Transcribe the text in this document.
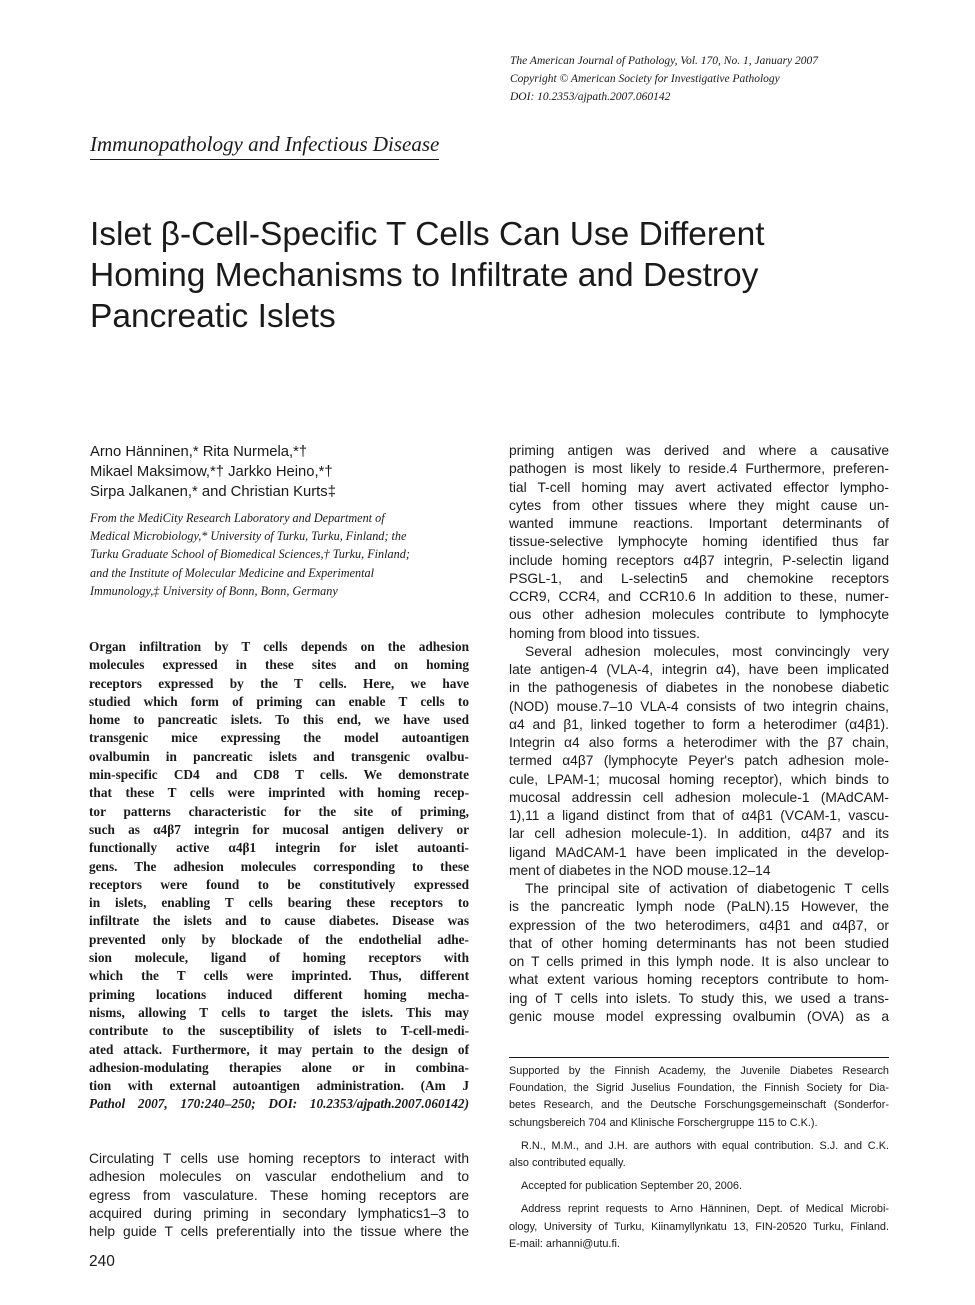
The American Journal of Pathology, Vol. 170, No. 1, January 2007
Copyright © American Society for Investigative Pathology
DOI: 10.2353/ajpath.2007.060142
Immunopathology and Infectious Disease
Islet β-Cell-Specific T Cells Can Use Different
Homing Mechanisms to Infiltrate and Destroy
Pancreatic Islets
Arno Hänninen,* Rita Nurmela,*†
Mikael Maksimow,*† Jarkko Heino,*†
Sirpa Jalkanen,* and Christian Kurts‡
From the MediCity Research Laboratory and Department of
Medical Microbiology,* University of Turku, Turku, Finland; the
Turku Graduate School of Biomedical Sciences,† Turku, Finland;
and the Institute of Molecular Medicine and Experimental
Immunology,‡ University of Bonn, Bonn, Germany
Organ infiltration by T cells depends on the adhesion
molecules expressed in these sites and on homing
receptors expressed by the T cells. Here, we have
studied which form of priming can enable T cells to
home to pancreatic islets. To this end, we have used
transgenic mice expressing the model autoantigen
ovalbumin in pancreatic islets and transgenic ovalbu-
min-specific CD4 and CD8 T cells. We demonstrate
that these T cells were imprinted with homing recep-
tor patterns characteristic for the site of priming,
such as α4β7 integrin for mucosal antigen delivery or
functionally active α4β1 integrin for islet autoanti-
gens. The adhesion molecules corresponding to these
receptors were found to be constitutively expressed
in islets, enabling T cells bearing these receptors to
infiltrate the islets and to cause diabetes. Disease was
prevented only by blockade of the endothelial adhe-
sion molecule, ligand of homing receptors with
which the T cells were imprinted. Thus, different
priming locations induced different homing mecha-
nisms, allowing T cells to target the islets. This may
contribute to the susceptibility of islets to T-cell-medi-
ated attack. Furthermore, it may pertain to the design of
adhesion-modulating therapies alone or in combina-
tion with external autoantigen administration. (Am J
Pathol 2007, 170:240–250; DOI: 10.2353/ajpath.2007.060142)
Circulating T cells use homing receptors to interact with
adhesion molecules on vascular endothelium and to
egress from vasculature. These homing receptors are
acquired during priming in secondary lymphatics1–3 to
help guide T cells preferentially into the tissue where the
priming antigen was derived and where a causative
pathogen is most likely to reside.4 Furthermore, preferen-
tial T-cell homing may avert activated effector lympho-
cytes from other tissues where they might cause un-
wanted immune reactions. Important determinants of
tissue-selective lymphocyte homing identified thus far
include homing receptors α4β7 integrin, P-selectin ligand
PSGL-1, and L-selectin5 and chemokine receptors
CCR9, CCR4, and CCR10.6 In addition to these, numer-
ous other adhesion molecules contribute to lymphocyte
homing from blood into tissues.
Several adhesion molecules, most convincingly very
late antigen-4 (VLA-4, integrin α4), have been implicated
in the pathogenesis of diabetes in the nonobese diabetic
(NOD) mouse.7–10 VLA-4 consists of two integrin chains,
α4 and β1, linked together to form a heterodimer (α4β1).
Integrin α4 also forms a heterodimer with the β7 chain,
termed α4β7 (lymphocyte Peyer's patch adhesion mole-
cule, LPAM-1; mucosal homing receptor), which binds to
mucosal addressin cell adhesion molecule-1 (MAdCAM-
1),11 a ligand distinct from that of α4β1 (VCAM-1, vascu-
lar cell adhesion molecule-1). In addition, α4β7 and its
ligand MAdCAM-1 have been implicated in the develop-
ment of diabetes in the NOD mouse.12–14
The principal site of activation of diabetogenic T cells
is the pancreatic lymph node (PaLN).15 However, the
expression of the two heterodimers, α4β1 and α4β7, or
that of other homing determinants has not been studied
on T cells primed in this lymph node. It is also unclear to
what extent various homing receptors contribute to hom-
ing of T cells into islets. To study this, we used a trans-
genic mouse model expressing ovalbumin (OVA) as a
Supported by the Finnish Academy, the Juvenile Diabetes Research
Foundation, the Sigrid Juselius Foundation, the Finnish Society for Dia-
betes Research, and the Deutsche Forschungsgemeinschaft (Sonderfor-
schungsbereich 704 and Klinische Forschergruppe 115 to C.K.).
R.N., M.M., and J.H. are authors with equal contribution. S.J. and C.K.
also contributed equally.
Accepted for publication September 20, 2006.
Address reprint requests to Arno Hänninen, Dept. of Medical Microbi-
ology, University of Turku, Kiinamyllynkatu 13, FIN-20520 Turku, Finland.
E-mail: arhanni@utu.fi.
240
